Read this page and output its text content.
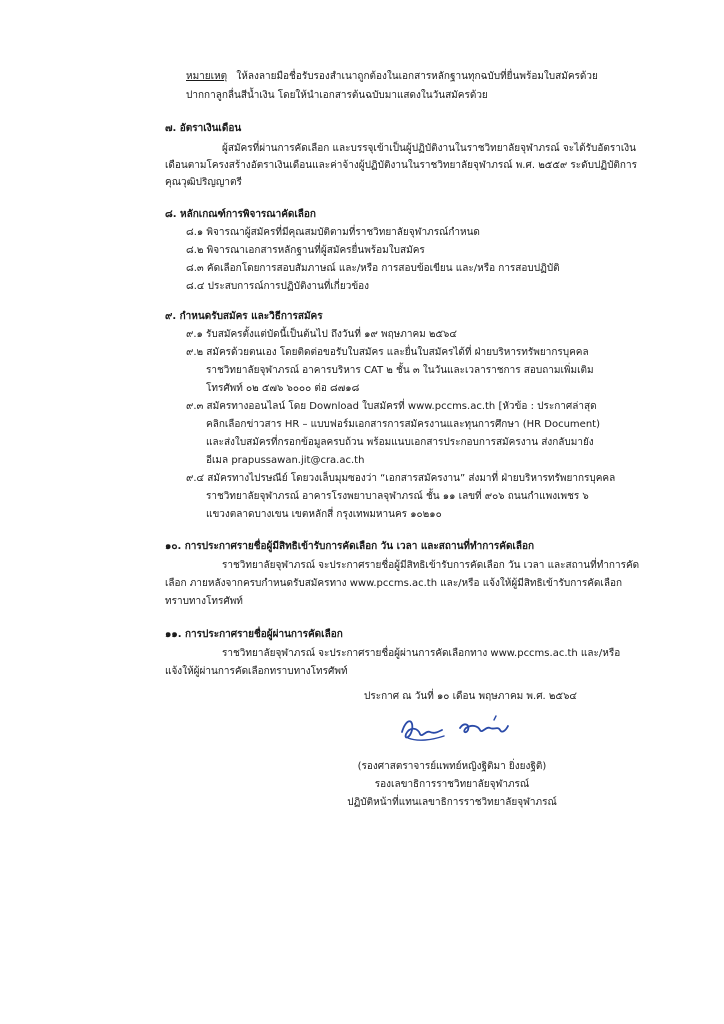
หมายเหตุ ให้ลงลายมือชื่อรับรองสำเนาถูกต้องในเอกสารหลักฐานทุกฉบับที่ยื่นพร้อมใบสมัครด้วย
ปากกาลูกลื่นสีน้ำเงิน โดยให้นำเอกสารต้นฉบับมาแสดงในวันสมัครด้วย
๗. อัตราเงินเดือน
ผู้สมัครที่ผ่านการคัดเลือก และบรรจุเข้าเป็นผู้ปฏิบัติงานในราชวิทยาลัยจุฬาภรณ์ จะได้รับอัตราเงิน
เดือนตามโครงสร้างอัตราเงินเดือนและค่าจ้างผู้ปฏิบัติงานในราชวิทยาลัยจุฬาภรณ์ พ.ศ. ๒๕๕๙ ระดับปฏิบัติการ
คุณวุฒิปริญญาตรี
๘. หลักเกณฑ์การพิจารณาคัดเลือก
๘.๑ พิจารณาผู้สมัครที่มีคุณสมบัติตามที่ราชวิทยาลัยจุฬาภรณ์กำหนด
๘.๒ พิจารณาเอกสารหลักฐานที่ผู้สมัครยื่นพร้อมใบสมัคร
๘.๓ คัดเลือกโดยการสอบสัมภาษณ์ และ/หรือ การสอบข้อเขียน และ/หรือ การสอบปฏิบัติ
๘.๔ ประสบการณ์การปฏิบัติงานที่เกี่ยวข้อง
๙. กำหนดรับสมัคร และวิธีการสมัคร
๙.๑ รับสมัครตั้งแต่บัดนี้เป็นต้นไป ถึงวันที่ ๑๙ พฤษภาคม ๒๕๖๔
๙.๒ สมัครด้วยตนเอง โดยติดต่อขอรับใบสมัคร และยื่นใบสมัครได้ที่ ฝ่ายบริหารทรัพยากรบุคคล
ราชวิทยาลัยจุฬาภรณ์ อาคารบริหาร CAT ๒ ชั้น ๓ ในวันและเวลาราชการ สอบถามเพิ่มเติม
โทรศัพท์ ๐๒ ๕๗๖ ๖๐๐๐ ต่อ ๘๗๑๘
๙.๓ สมัครทางออนไลน์ โดย Download ใบสมัครที่ www.pccms.ac.th [หัวข้อ : ประกาศล่าสุด
คลิกเลือกข่าวสาร HR – แบบฟอร์มเอกสารการสมัครงานและทุนการศึกษา (HR Document)
และส่งใบสมัครที่กรอกข้อมูลครบถ้วน พร้อมแนบเอกสารประกอบการสมัครงาน ส่งกลับมายัง
อีเมล prapussawan.jit@cra.ac.th
๙.๔ สมัครทางไปรษณีย์ โดยวงเล็บมุมซองว่า “เอกสารสมัครงาน” ส่งมาที่ ฝ่ายบริหารทรัพยากรบุคคล
ราชวิทยาลัยจุฬาภรณ์ อาคารโรงพยาบาลจุฬาภรณ์ ชั้น ๑๑ เลขที่ ๙๐๖ ถนนกำแพงเพชร ๖
แขวงตลาดบางเขน เขตหลักสี่ กรุงเทพมหานคร ๑๐๒๑๐
๑๐. การประกาศรายชื่อผู้มีสิทธิเข้ารับการคัดเลือก วัน เวลา และสถานที่ทำการคัดเลือก
ราชวิทยาลัยจุฬาภรณ์ จะประกาศรายชื่อผู้มีสิทธิเข้ารับการคัดเลือก วัน เวลา และสถานที่ทำการคัด
เลือก ภายหลังจากครบกำหนดรับสมัครทาง www.pccms.ac.th และ/หรือ แจ้งให้ผู้มีสิทธิเข้ารับการคัดเลือก
ทราบทางโทรศัพท์
๑๑. การประกาศรายชื่อผู้ผ่านการคัดเลือก
ราชวิทยาลัยจุฬาภรณ์ จะประกาศรายชื่อผู้ผ่านการคัดเลือกทาง www.pccms.ac.th และ/หรือ
แจ้งให้ผู้ผ่านการคัดเลือกทราบทางโทรศัพท์
ประกาศ ณ วันที่ ๑๐ เดือน พฤษภาคม พ.ศ. ๒๕๖๔
(รองศาสตราจารย์แพทย์หญิงฐิติมา ยิ่งยงฐิติ)
รองเลขาธิการราชวิทยาลัยจุฬาภรณ์
ปฏิบัติหน้าที่แทนเลขาธิการราชวิทยาลัยจุฬาภรณ์
